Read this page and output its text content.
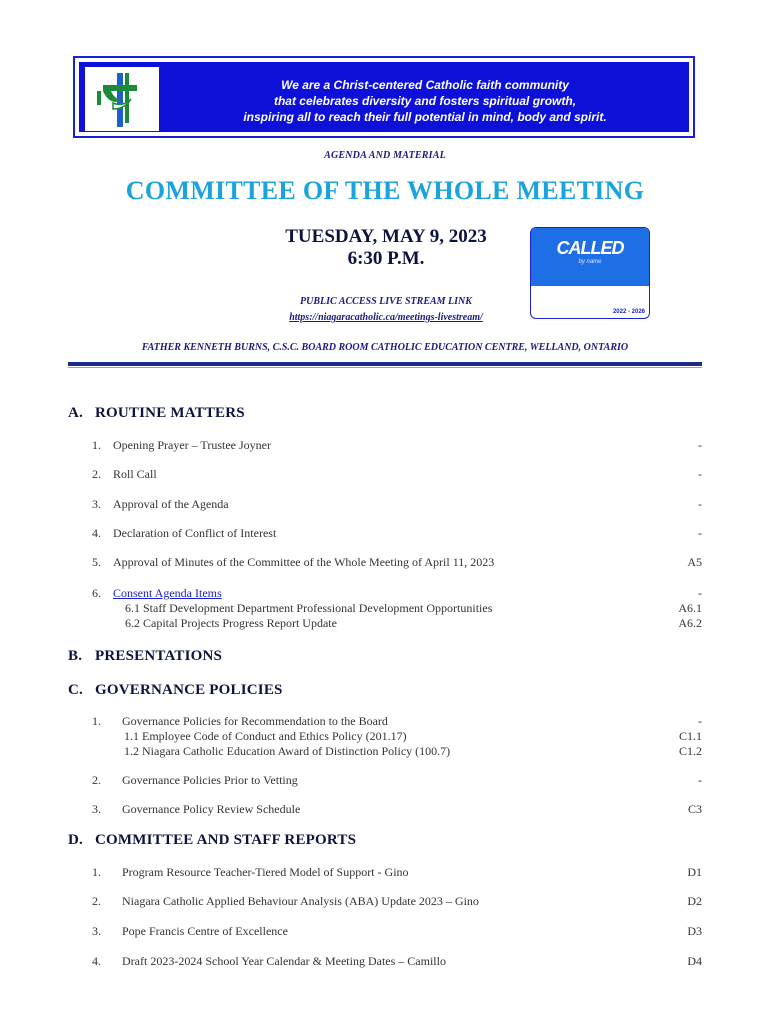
We are a Christ-centered Catholic faith community
that celebrates diversity and fosters spiritual growth,
inspiring all to reach their full potential in mind, body and spirit.
AGENDA AND MATERIAL
COMMITTEE OF THE WHOLE MEETING
TUESDAY, MAY 9, 2023
6:30 P.M.
PUBLIC ACCESS LIVE STREAM LINK
https://niagaracatholic.ca/meetings-livestream/
CALLED
by name
2022 - 2026
FATHER KENNETH BURNS, C.S.C. BOARD ROOM CATHOLIC EDUCATION CENTRE, WELLAND, ONTARIO
A. ROUTINE MATTERS
1. Opening Prayer – Trustee Joyner	-
2. Roll Call	-
3. Approval of the Agenda	-
4. Declaration of Conflict of Interest	-
5. Approval of Minutes of the Committee of the Whole Meeting of April 11, 2023	A5
6. Consent Agenda Items	-
6.1 Staff Development Department Professional Development Opportunities	A6.1
6.2 Capital Projects Progress Report Update	A6.2
B. PRESENTATIONS
C. GOVERNANCE POLICIES
1. Governance Policies for Recommendation to the Board	-
1.1 Employee Code of Conduct and Ethics Policy (201.17)	C1.1
1.2 Niagara Catholic Education Award of Distinction Policy (100.7)	C1.2
2. Governance Policies Prior to Vetting	-
3. Governance Policy Review Schedule	C3
D. COMMITTEE AND STAFF REPORTS
1. Program Resource Teacher-Tiered Model of Support - Gino	D1
2. Niagara Catholic Applied Behaviour Analysis (ABA) Update 2023 – Gino	D2
3. Pope Francis Centre of Excellence	D3
4. Draft 2023-2024 School Year Calendar & Meeting Dates – Camillo	D4
